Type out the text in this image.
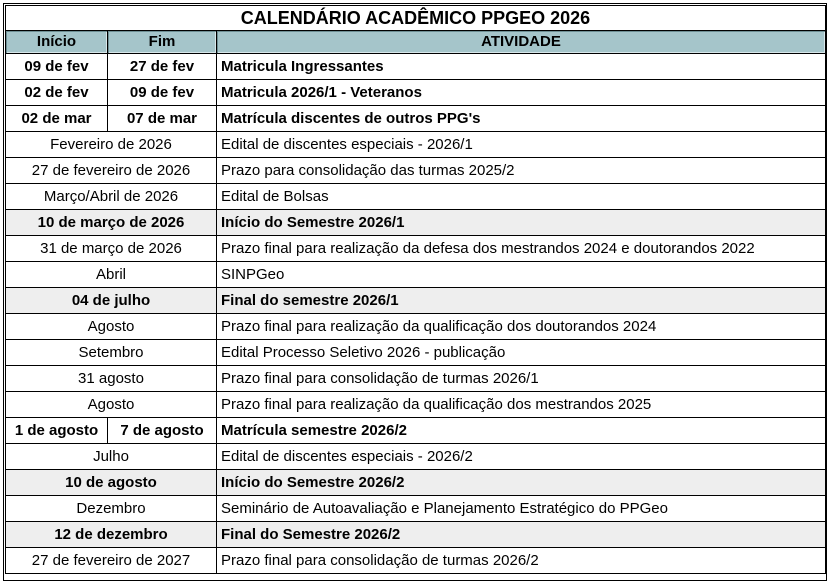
CALENDÁRIO ACADÊMICO PPGEO 2026		
Início	Fim	ATIVIDADE
09 de fev	27 de fev	Matricula Ingressantes
02 de fev	09 de fev	Matricula 2026/1 - Veteranos
02 de mar	07 de mar	Matrícula discentes de outros PPG's
Fevereiro de 2026		Edital de discentes especiais - 2026/1
27 de fevereiro de 2026		Prazo para consolidação das turmas 2025/2
Março/Abril de 2026		Edital de Bolsas
10 de março de 2026		Início do Semestre 2026/1
31 de março de 2026		Prazo final para realização da defesa dos mestrandos 2024 e doutorandos 2022
Abril		SINPGeo
04 de julho		Final do semestre 2026/1
Agosto		Prazo final para realização da qualificação dos doutorandos 2024
Setembro		Edital Processo Seletivo 2026 - publicação
31 agosto		Prazo final para consolidação de turmas 2026/1
Agosto		Prazo final para realização da qualificação dos mestrandos 2025
1 de agosto	7 de agosto	Matrícula semestre 2026/2
Julho		Edital de discentes especiais - 2026/2
10 de agosto		Início do Semestre 2026/2
Dezembro		Seminário de Autoavaliação e Planejamento Estratégico do PPGeo
12 de dezembro		Final do Semestre 2026/2
27 de fevereiro de 2027		Prazo final para consolidação de turmas 2026/2
